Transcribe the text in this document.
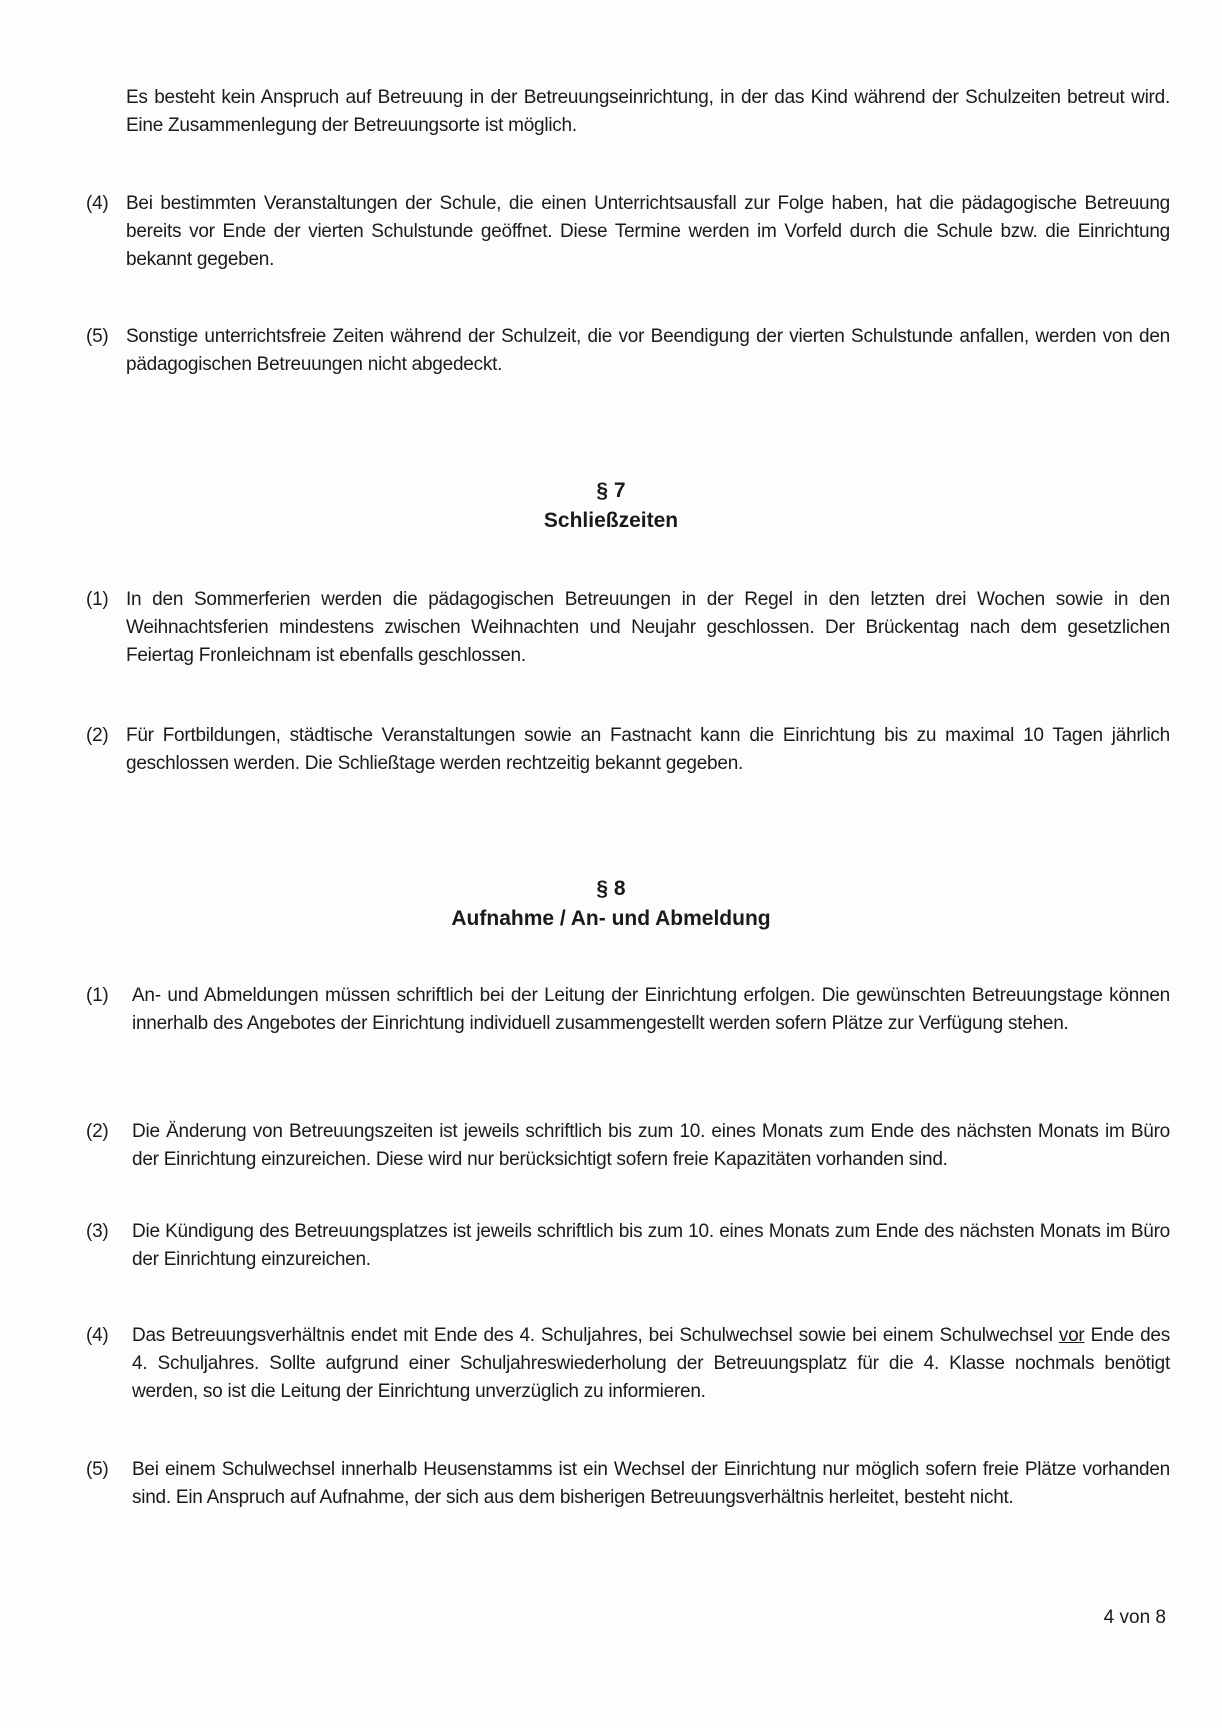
Es besteht kein Anspruch auf Betreuung in der Betreuungseinrichtung, in der das Kind während der Schulzeiten betreut wird. Eine Zusammenlegung der Betreuungsorte ist möglich.
(4) Bei bestimmten Veranstaltungen der Schule, die einen Unterrichtsausfall zur Folge haben, hat die pädagogische Betreuung bereits vor Ende der vierten Schulstunde geöffnet. Diese Termine werden im Vorfeld durch die Schule bzw. die Einrichtung bekannt gegeben.
(5) Sonstige unterrichtsfreie Zeiten während der Schulzeit, die vor Beendigung der vierten Schulstunde anfallen, werden von den pädagogischen Betreuungen nicht abgedeckt.
§ 7
Schließzeiten
(1) In den Sommerferien werden die pädagogischen Betreuungen in der Regel in den letzten drei Wochen sowie in den Weihnachtsferien mindestens zwischen Weihnachten und Neujahr geschlossen. Der Brückentag nach dem gesetzlichen Feiertag Fronleichnam ist ebenfalls geschlossen.
(2) Für Fortbildungen, städtische Veranstaltungen sowie an Fastnacht kann die Einrichtung bis zu maximal 10 Tagen jährlich geschlossen werden. Die Schließtage werden rechtzeitig bekannt gegeben.
§ 8
Aufnahme / An- und Abmeldung
(1)	An- und Abmeldungen müssen schriftlich bei der Leitung der Einrichtung erfolgen. Die gewünschten Betreuungstage können innerhalb des Angebotes der Einrichtung individuell zusammengestellt werden sofern Plätze zur Verfügung stehen.
(2)	Die Änderung von Betreuungszeiten ist jeweils schriftlich bis zum 10. eines Monats zum Ende des nächsten Monats im Büro der Einrichtung einzureichen. Diese wird nur berücksichtigt sofern freie Kapazitäten vorhanden sind.
(3)	Die Kündigung des Betreuungsplatzes ist jeweils schriftlich bis zum 10. eines Monats zum Ende des nächsten Monats im Büro der Einrichtung einzureichen.
(4)	Das Betreuungsverhältnis endet mit Ende des 4. Schuljahres, bei Schulwechsel sowie bei einem Schulwechsel vor Ende des 4. Schuljahres. Sollte aufgrund einer Schuljahreswiederholung der Betreuungsplatz für die 4. Klasse nochmals benötigt werden, so ist die Leitung der Einrichtung unverzüglich zu informieren.
(5)	Bei einem Schulwechsel innerhalb Heusenstamms ist ein Wechsel der Einrichtung nur möglich sofern freie Plätze vorhanden sind. Ein Anspruch auf Aufnahme, der sich aus dem bisherigen Betreuungsverhältnis herleitet, besteht nicht.
4 von 8
